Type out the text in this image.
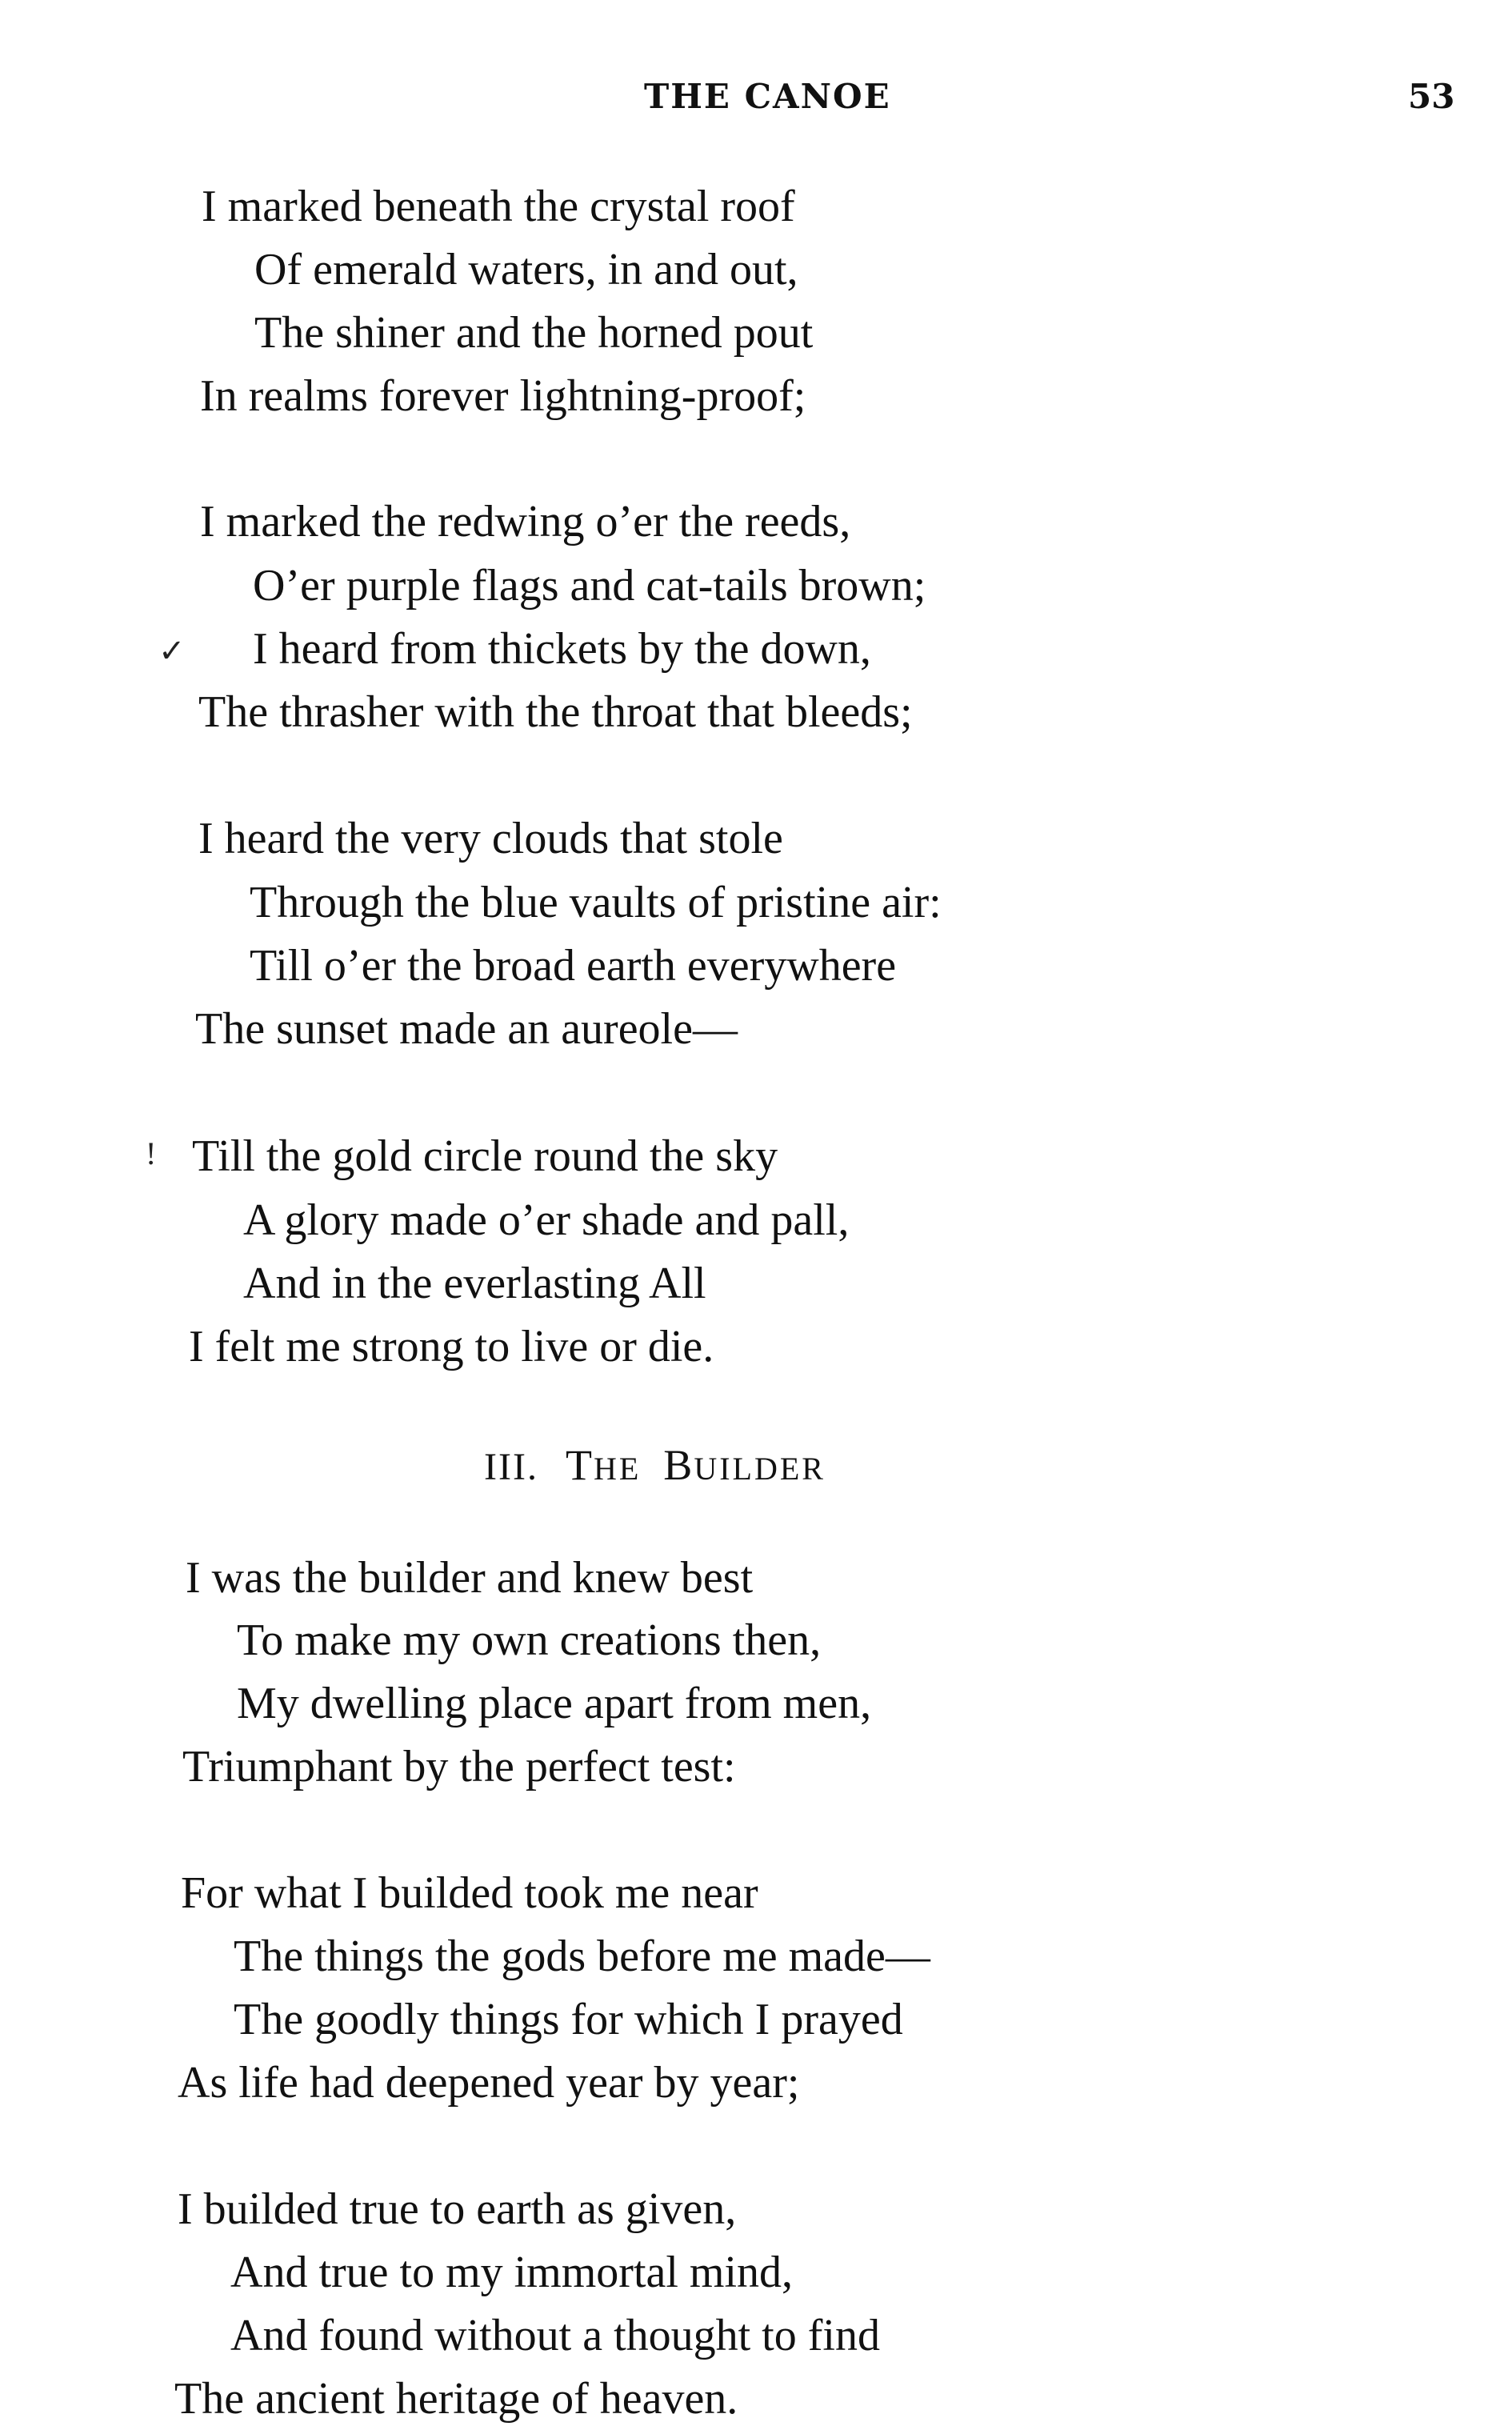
THE CANOE	53
I marked beneath the crystal roof
Of emerald waters, in and out,
The shiner and the horned pout
In realms forever lightning-proof;
I marked the redwing o’er the reeds,
O’er purple flags and cat-tails brown;
✓ I heard from thickets by the down,
The thrasher with the throat that bleeds;
I heard the very clouds that stole
Through the blue vaults of pristine air:
Till o’er the broad earth everywhere
The sunset made an aureole—
! Till the gold circle round the sky
A glory made o’er shade and pall,
And in the everlasting All
I felt me strong to live or die.
III. THE BUILDER
I was the builder and knew best
To make my own creations then,
My dwelling place apart from men,
Triumphant by the perfect test:
For what I builded took me near
The things the gods before me made—
The goodly things for which I prayed
As life had deepened year by year;
I builded true to earth as given,
And true to my immortal mind,
And found without a thought to find
The ancient heritage of heaven.
